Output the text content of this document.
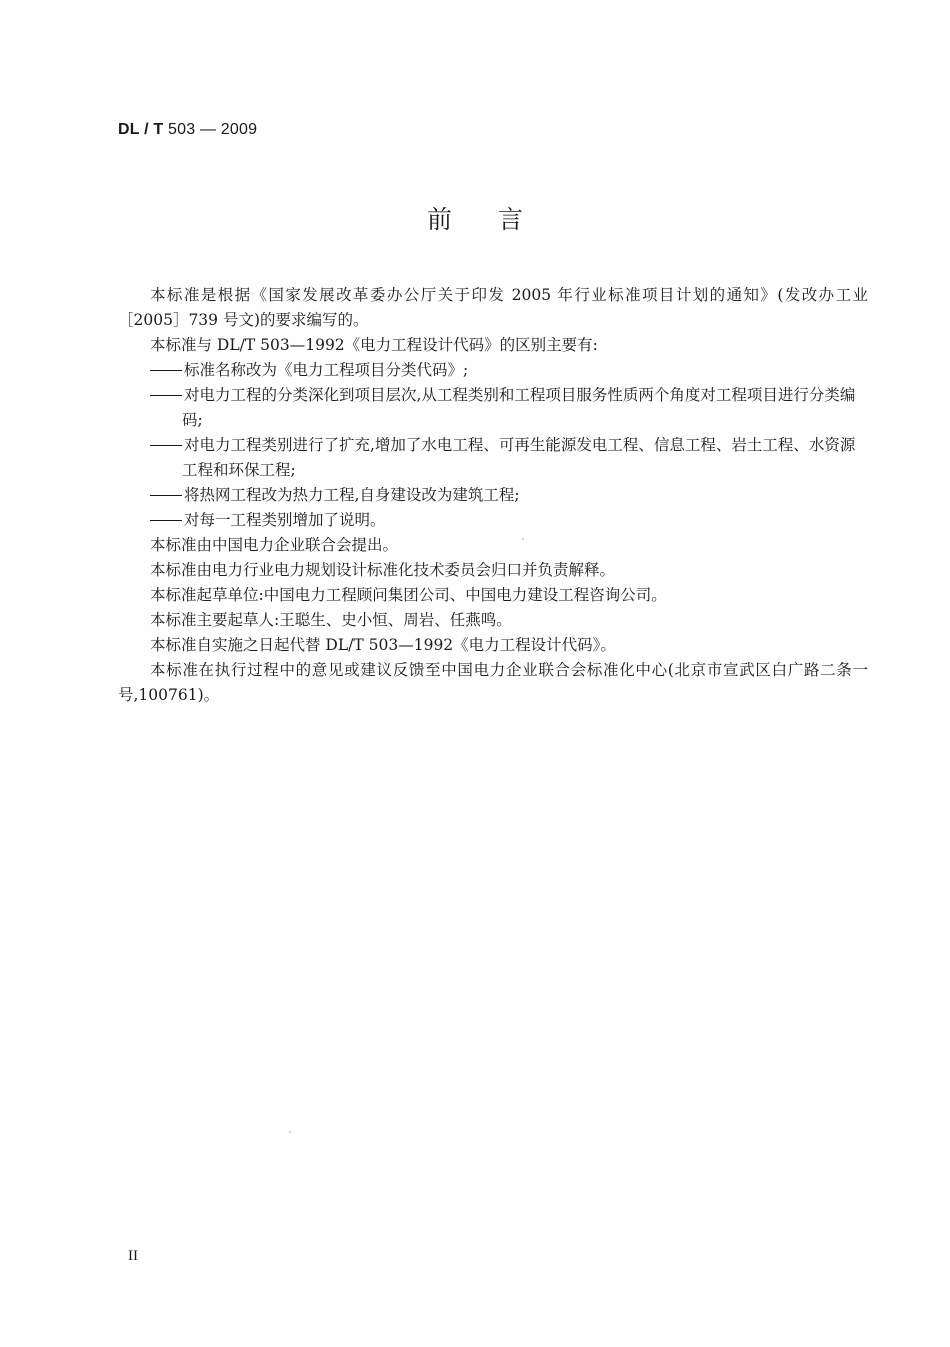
DL / T 503 — 2009
前言

本标准是根据《国家发展改革委办公厅关于印发 2005 年行业标准项目计划的通知》(发改办工业［2005］739 号文)的要求编写的。

本标准与 DL/T 503—1992《电力工程设计代码》的区别主要有:

标准名称改为《电力工程项目分类代码》;

对电力工程的分类深化到项目层次,从工程类别和工程项目服务性质两个角度对工程项目进行分类编码;

对电力工程类别进行了扩充,增加了水电工程、可再生能源发电工程、信息工程、岩土工程、水资源工程和环保工程;

将热网工程改为热力工程,自身建设改为建筑工程;

对每一工程类别增加了说明。

本标准由中国电力企业联合会提出。

本标准由电力行业电力规划设计标准化技术委员会归口并负责解释。

本标准起草单位:中国电力工程顾问集团公司、中国电力建设工程咨询公司。

本标准主要起草人:王聪生、史小恒、周岩、任燕鸣。

本标准自实施之日起代替 DL/T 503—1992《电力工程设计代码》。

本标准在执行过程中的意见或建议反馈至中国电力企业联合会标准化中心(北京市宣武区白广路二条一号,100761)。

II
